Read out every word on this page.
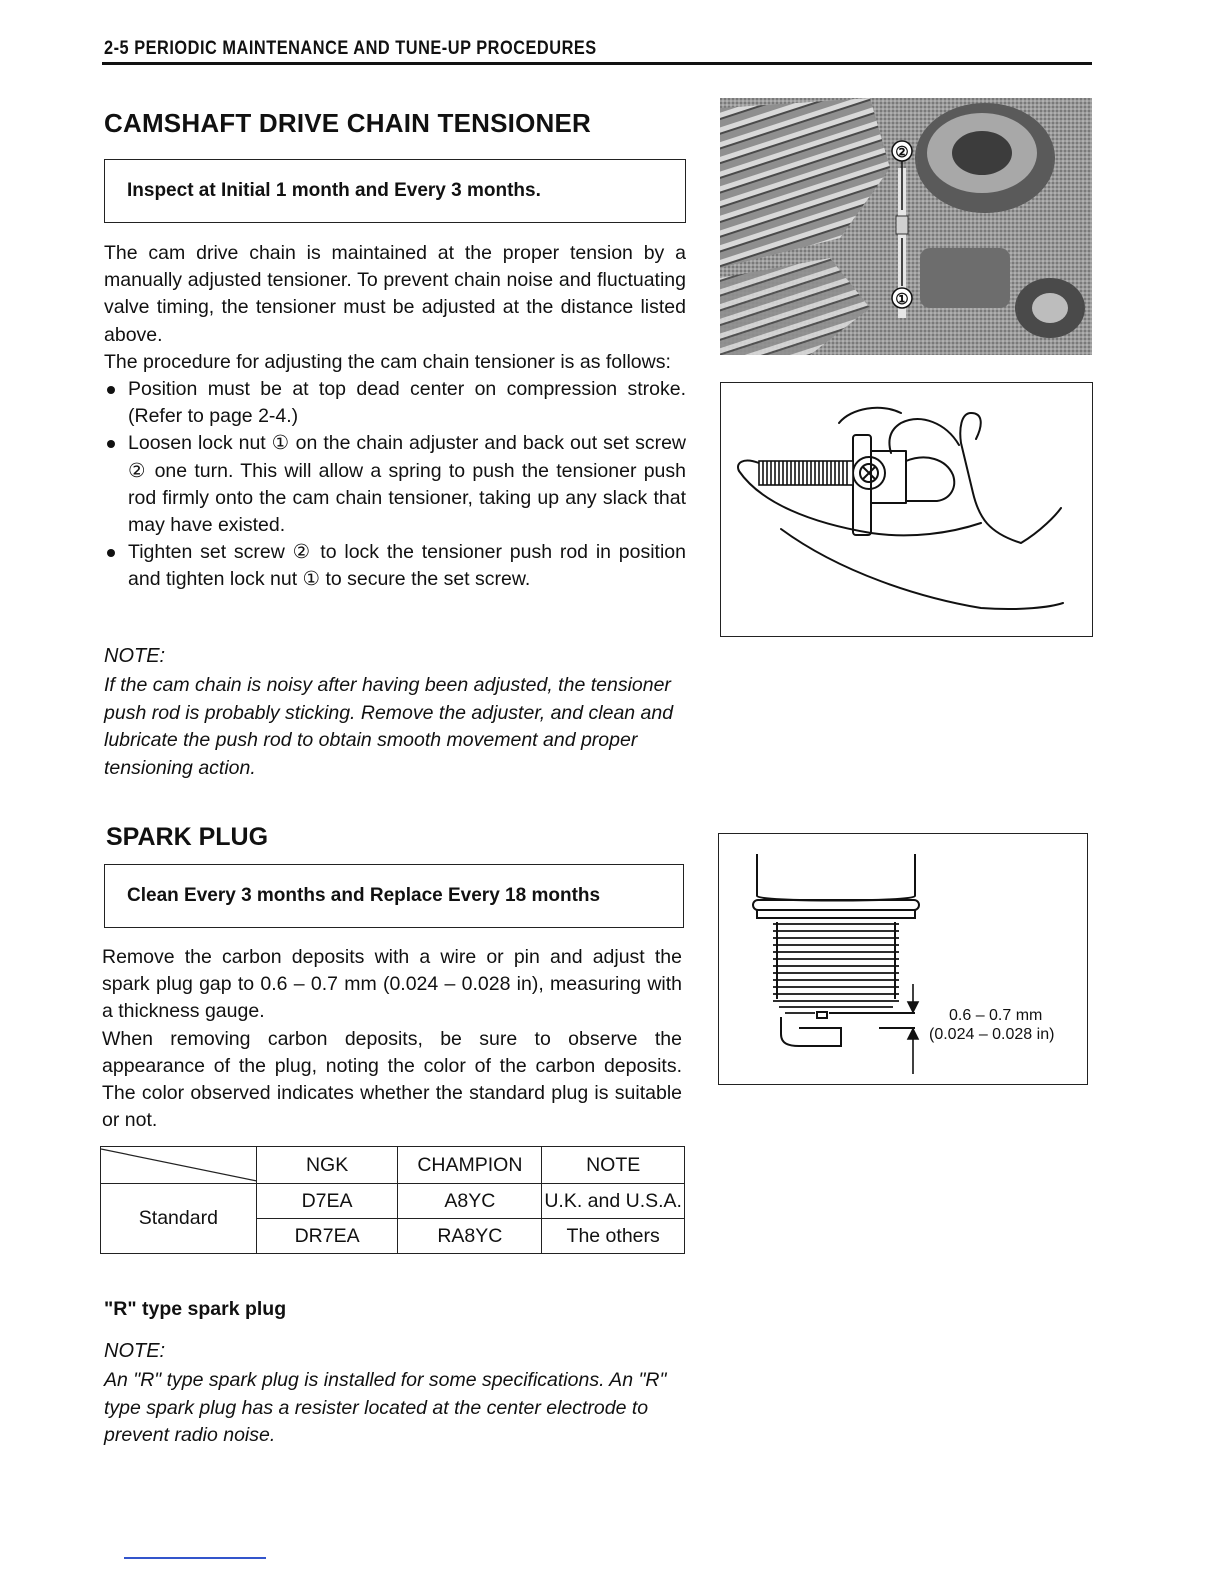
2-5 PERIODIC MAINTENANCE AND TUNE-UP PROCEDURES
CAMSHAFT DRIVE CHAIN TENSIONER
Inspect at Initial 1 month and Every 3 months.

The cam drive chain is maintained at the proper tension by a manually adjusted tensioner. To prevent chain noise and fluctuating valve timing, the tensioner must be adjusted at the distance listed above.

The procedure for adjusting the cam chain tensioner is as follows:

Position must be at top dead center on compression stroke. (Refer to page 2-4.)
Loosen lock nut ① on the chain adjuster and back out set screw ② one turn. This will allow a spring to push the tensioner push rod firmly onto the cam chain tensioner, taking up any slack that may have existed.
Tighten set screw ② to lock the tensioner push rod in position and tighten lock nut ① to secure the set screw.
NOTE:
If the cam chain is noisy after having been adjusted, the tensioner push rod is probably sticking. Remove the adjuster, and clean and lubricate the push rod to obtain smooth movement and proper tensioning action.
②
①
SPARK PLUG
Clean Every 3 months and Replace Every 18 months

Remove the carbon deposits with a wire or pin and adjust the spark plug gap to 0.6 – 0.7 mm (0.024 – 0.028 in), measuring with a thickness gauge.

When removing carbon deposits, be sure to observe the appearance of the plug, noting the color of the carbon deposits. The color observed indicates whether the standard plug is suitable or not.

	NGK	CHAMPION	NOTE
Standard	D7EA	A8YC	U.K. and U.S.A.
	DR7EA	RA8YC	The others
0.6 – 0.7 mm
(0.024 – 0.028 in)
"R" type spark plug
NOTE:
An "R" type spark plug is installed for some specifications. An "R" type spark plug has a resister located at the center electrode to prevent radio noise.
